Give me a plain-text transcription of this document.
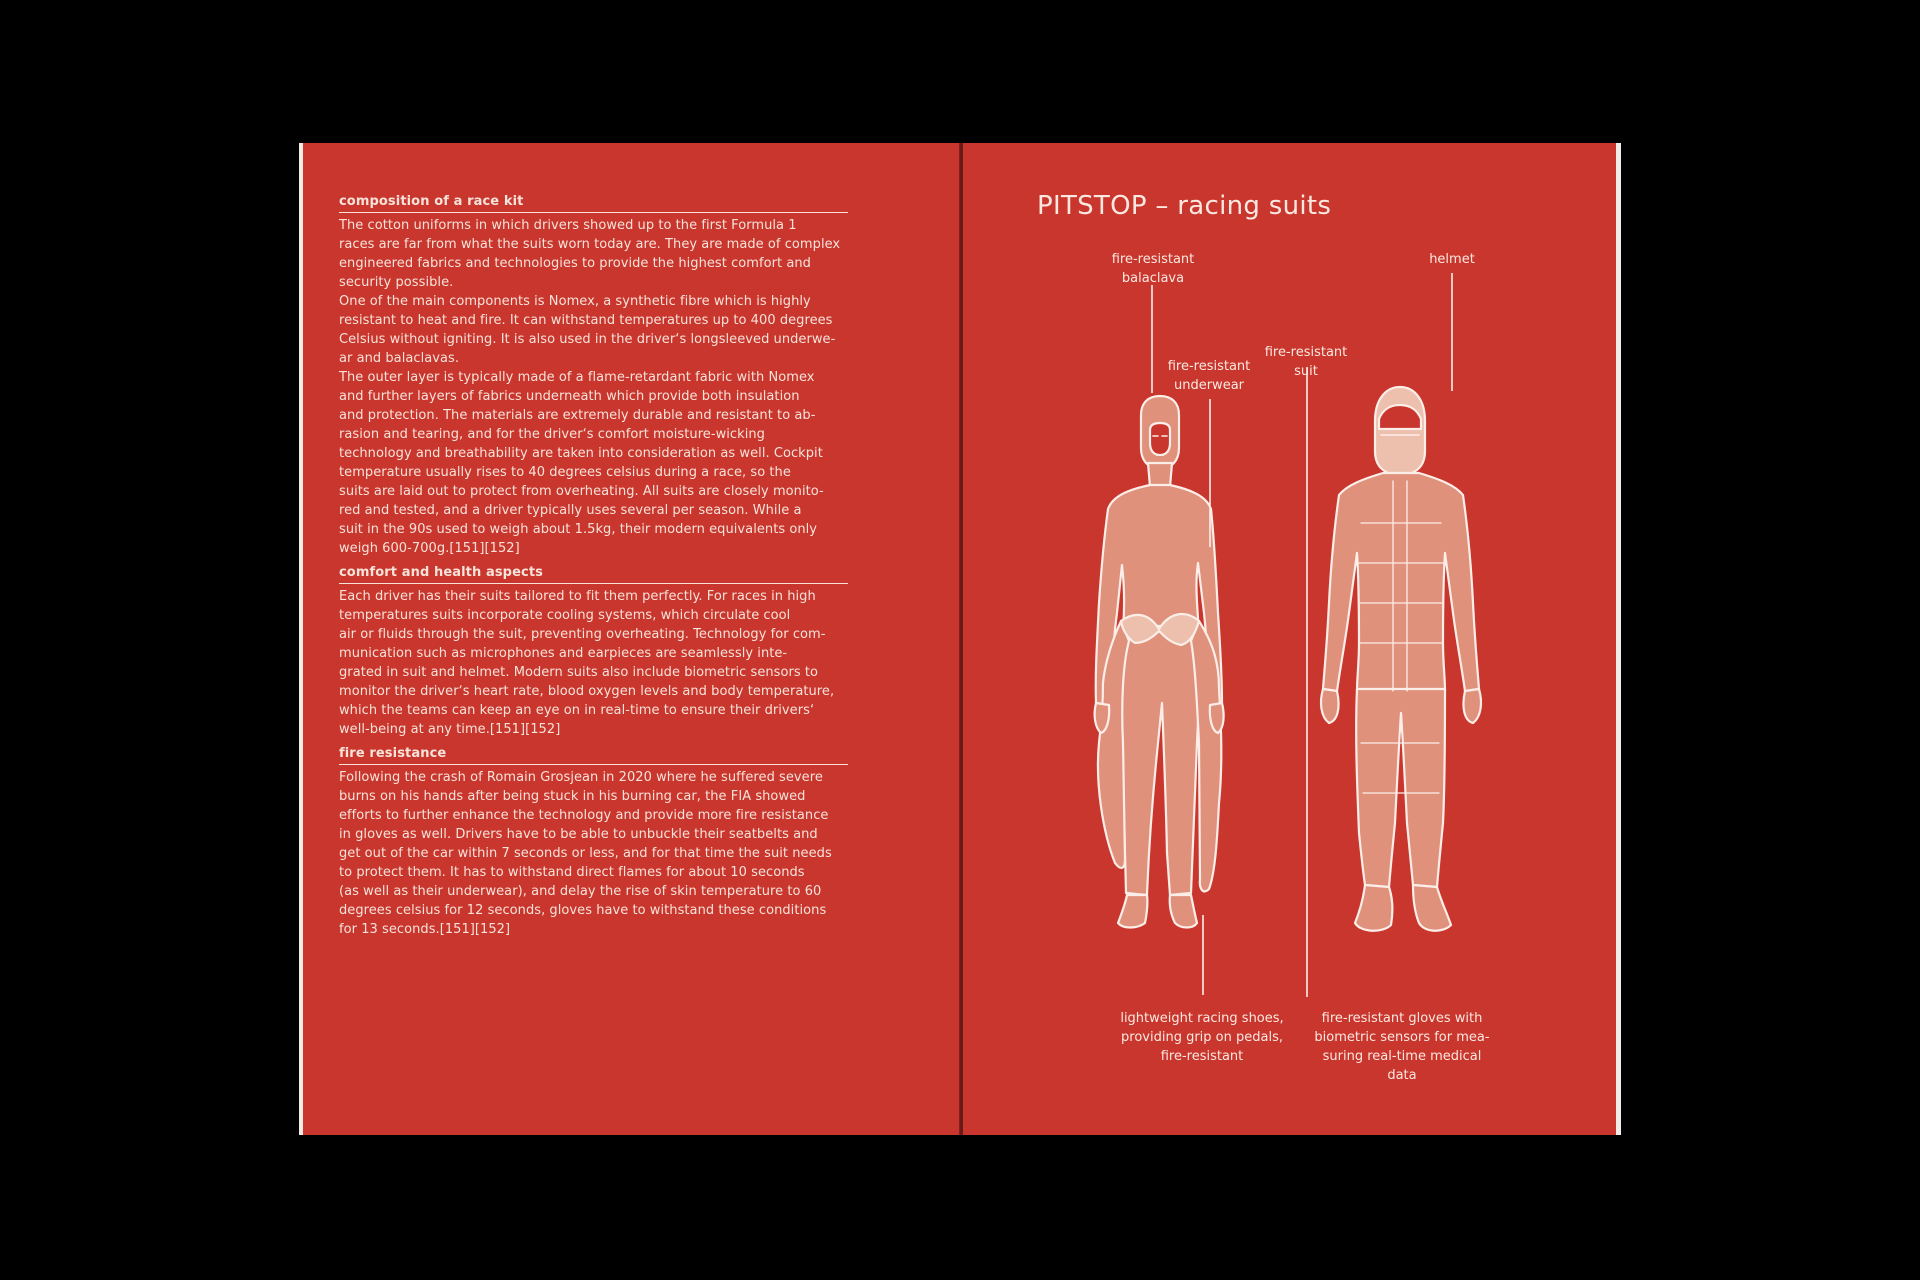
composition of a race kit

The cotton uniforms in which drivers showed up to the first Formula 1
races are far from what the suits worn today are. They are made of complex
engineered fabrics and technologies to provide the highest comfort and
security possible.
One of the main components is Nomex, a synthetic fibre which is highly
resistant to heat and fire. It can withstand temperatures up to 400 degrees
Celsius without igniting. It is also used in the driver‘s longsleeved underwe-
ar and balaclavas.
The outer layer is typically made of a flame-retardant fabric with Nomex
and further layers of fabrics underneath which provide both insulation
and protection. The materials are extremely durable and resistant to ab-
rasion and tearing, and for the driver‘s comfort moisture-wicking
technology and breathability are taken into consideration as well. Cockpit
temperature usually rises to 40 degrees celsius during a race, so the
suits are laid out to protect from overheating. All suits are closely monito-
red and tested, and a driver typically uses several per season. While a
suit in the 90s used to weigh about 1.5kg, their modern equivalents only
weigh 600-700g.[151][152]

comfort and health aspects

Each driver has their suits tailored to fit them perfectly. For races in high
temperatures suits incorporate cooling systems, which circulate cool
air or fluids through the suit, preventing overheating. Technology for com-
munication such as microphones and earpieces are seamlessly inte-
grated in suit and helmet. Modern suits also include biometric sensors to
monitor the driver‘s heart rate, blood oxygen levels and body temperature,
which the teams can keep an eye on in real-time to ensure their drivers‘
well-being at any time.[151][152]

fire resistance

Following the crash of Romain Grosjean in 2020 where he suffered severe
burns on his hands after being stuck in his burning car, the FIA showed
efforts to further enhance the technology and provide more fire resistance
in gloves as well. Drivers have to be able to unbuckle their seatbelts and
get out of the car within 7 seconds or less, and for that time the suit needs
to protect them. It has to withstand direct flames for about 10 seconds
(as well as their underwear), and delay the rise of skin temperature to 60
degrees celsius for 12 seconds, gloves have to withstand these conditions
for 13 seconds.[151][152]

PITSTOP – racing suits
fire-resistant
balaclava
helmet
fire-resistant
underwear
fire-resistant
suit
lightweight racing shoes,
providing grip on pedals,
fire-resistant
fire-resistant gloves with
biometric sensors for mea-
suring real-time medical
data
